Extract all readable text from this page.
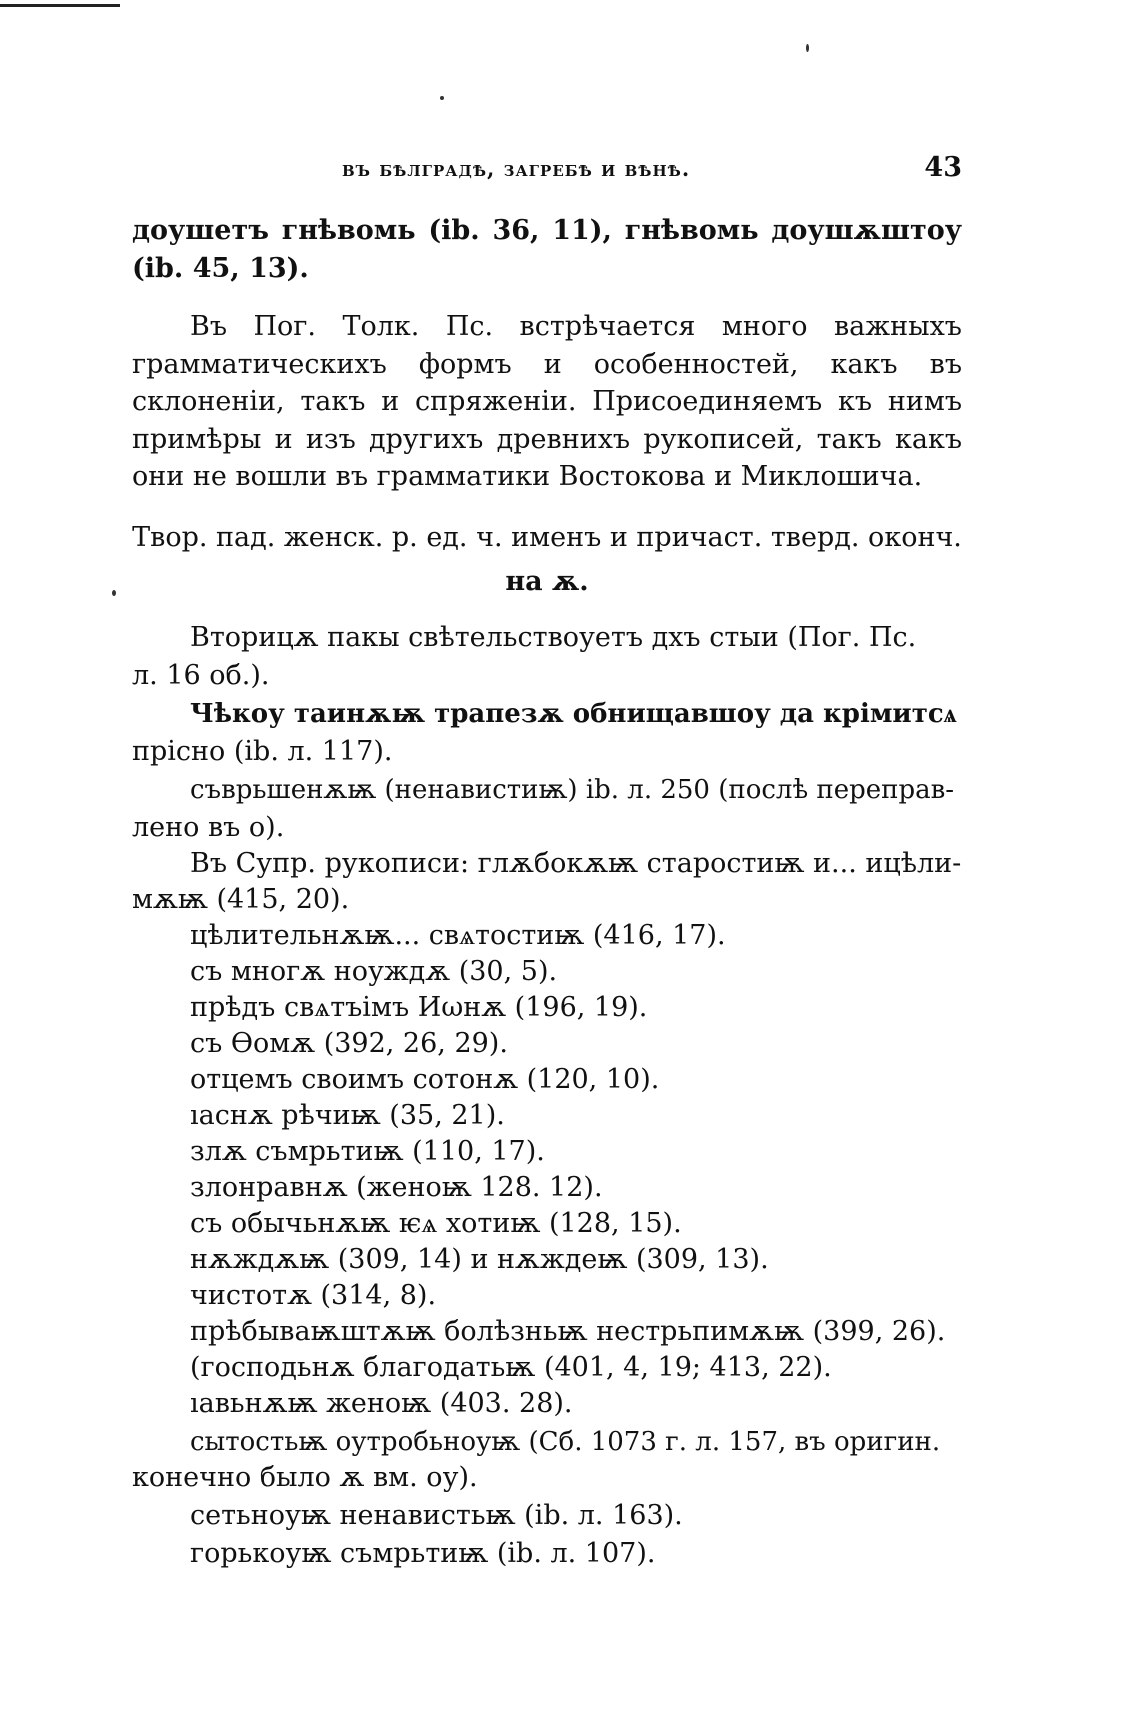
въ бѣлградѣ, загребѣ и вѣнѣ.	43
доушетъ гнѣвомь (ib. 36, 11), гнѣвомь доушѫштоу (ib. 45, 13).
Въ Пог. Толк. Пс. встрѣчается много важныхъ грамматическихъ формъ и особенностей, какъ въ склоненіи, такъ и спряженіи. Присоединяемъ къ нимъ примѣры и изъ другихъ древнихъ рукописей, такъ какъ они не вошли въ грамматики Востокова и Миклошича.
Твор. пад. женск. р. ед. ч. именъ и причаст. тверд. оконч.
на ѫ.
Вторицѫ пакы свѣтельствоуетъ дхъ стыи (Пог. Пс.
л. 16 об.).
Чѣкоу таинѫѭ трапезѫ обнищавшоу да крімитсѧ
прісно (ib. л. 117).
съврьшенѫѭ (ненавистиѭ) ib. л. 250 (послѣ переправ-
лено въ о).
Въ Супр. рукописи: глѫбокѫѭ старостиѭ и... ицѣли-
мѫѭ (415, 20).
цѣлительнѫѭ... свѧтостиѭ (416, 17).
съ многѫ ноуждѫ (30, 5).
прѣдъ свѧтъімъ Иωнѫ (196, 19).
съ Ѳомѫ (392, 26, 29).
отцемъ своимъ сотонѫ (120, 10).
ıаснѫ рѣчиѭ (35, 21).
злѫ съмрьтиѭ (110, 17).
злонравнѫ (женоѭ 128. 12).
съ обычьнѫѭ ѥѧ хотиѭ (128, 15).
нѫждѫѭ (309, 14) и нѫждеѭ (309, 13).
чистотѫ (314, 8).
прѣбываѭштѫѭ болѣзньѭ нестрьпимѫѭ (399, 26).
(господьнѫ благодатьѭ (401, 4, 19; 413, 22).
ıавьнѫѭ женоѭ (403. 28).
сытостьѭ оутробьноуѭ (Сб. 1073 г. л. 157, въ оригин.
конечно было ѫ вм. оу).
сетьноуѭ ненавистьѭ (ib. л. 163).
горькоуѭ съмрьтиѭ (ib. л. 107).
